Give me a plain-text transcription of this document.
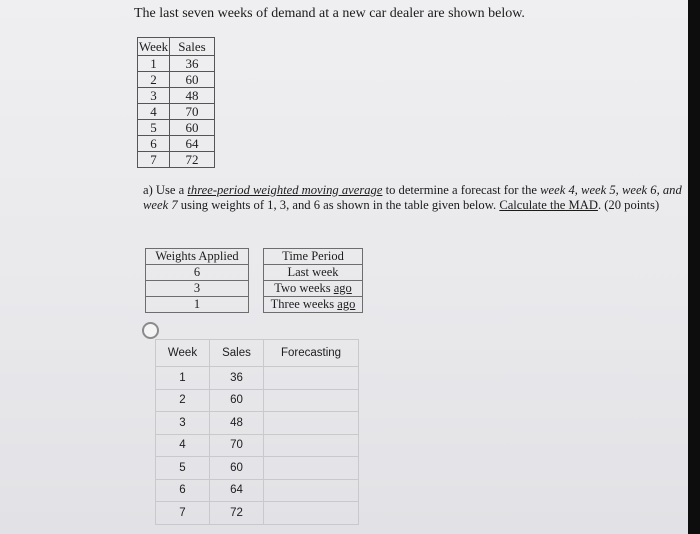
The last seven weeks of demand at a new car dealer are shown below.

Week	Sales
1	36
2	60
3	48
4	70
5	60
6	64
7	72

a) Use a three-period weighted moving average to determine a forecast for the week 4, week 5, week 6, and week 7 using weights of 1, 3, and 6 as shown in the table given below. Calculate the MAD. (20 points)

Weights Applied		Time Period
6		Last week
3		Two weeks ago
1		Three weeks ago
Week	Sales	Forecasting
1	36	
2	60	
3	48	
4	70	
5	60	
6	64	
7	72	
